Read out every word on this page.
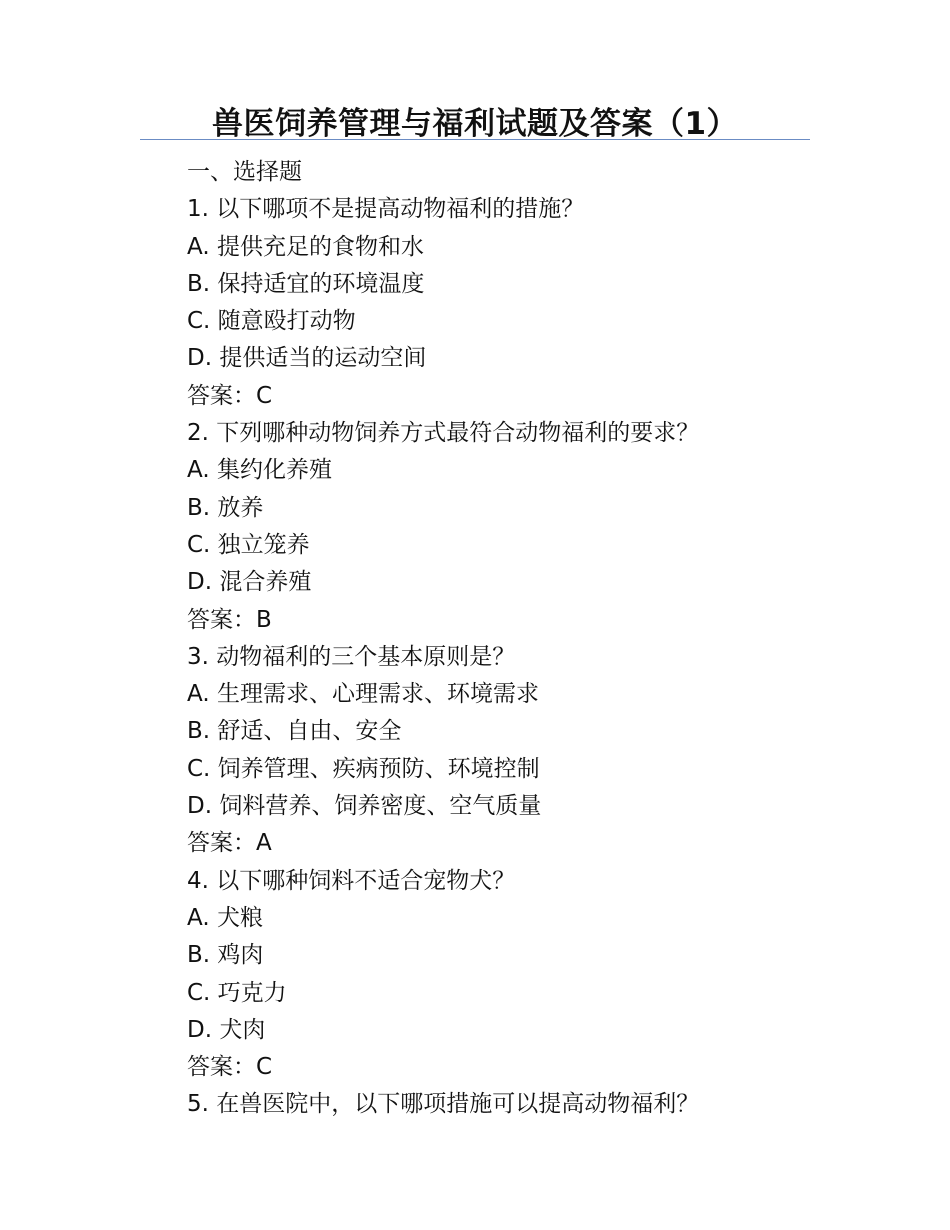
兽医饲养管理与福利试题及答案（1）
一、选择题
1. 以下哪项不是提高动物福利的措施？
A. 提供充足的食物和水
B. 保持适宜的环境温度
C. 随意殴打动物
D. 提供适当的运动空间
答案：C
2. 下列哪种动物饲养方式最符合动物福利的要求？
A. 集约化养殖
B. 放养
C. 独立笼养
D. 混合养殖
答案：B
3. 动物福利的三个基本原则是？
A. 生理需求、心理需求、环境需求
B. 舒适、自由、安全
C. 饲养管理、疾病预防、环境控制
D. 饲料营养、饲养密度、空气质量
答案：A
4. 以下哪种饲料不适合宠物犬？
A. 犬粮
B. 鸡肉
C. 巧克力
D. 犬肉
答案：C
5. 在兽医院中，以下哪项措施可以提高动物福利？
